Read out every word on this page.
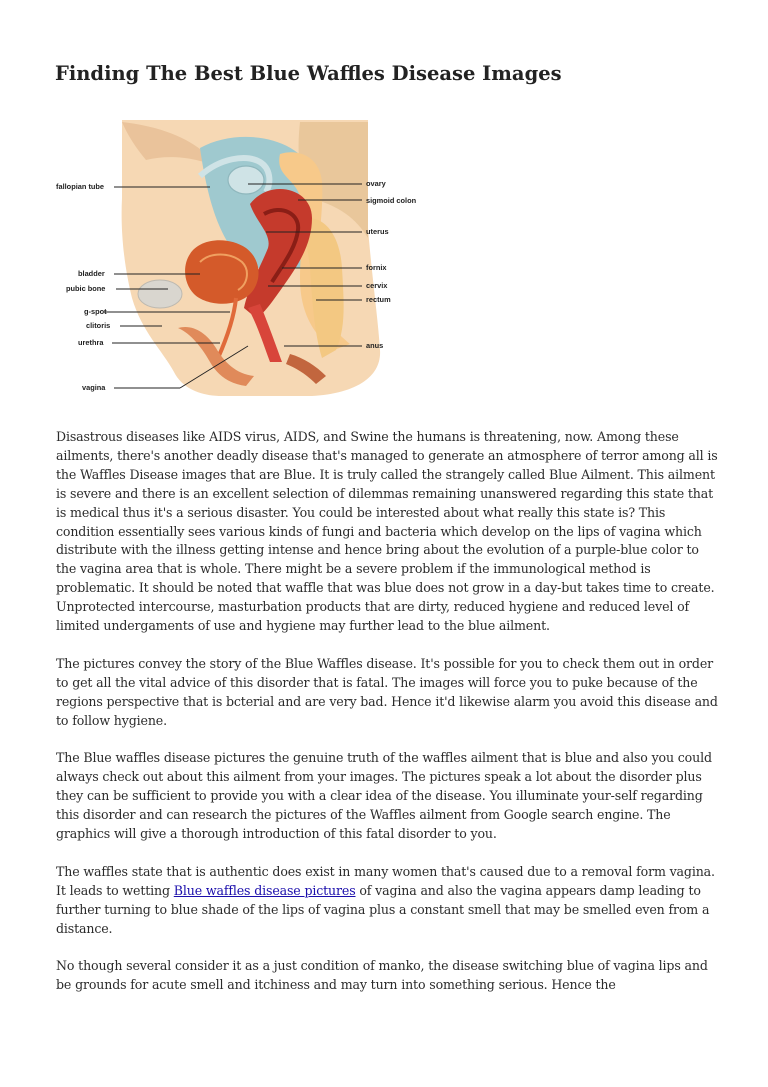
Finding The Best Blue Waffles Disease Images
fallopian tube	ovary
sigmoid colon
uterus
bladder
pubic bone
fornix
cervix
rectum
g-spot
clitoris
urethra	anus
vagina

Disastrous diseases like AIDS virus, AIDS, and Swine the humans is threatening, now. Among these ailments, there's another deadly disease that's managed to generate an atmosphere of terror among all is the Waffles Disease images that are Blue. It is truly called the strangely called Blue Ailment. This ailment is severe and there is an excellent selection of dilemmas remaining unanswered regarding this state that is medical thus it's a serious disaster. You could be interested about what really this state is? This condition essentially sees various kinds of fungi and bacteria which develop on the lips of vagina which distribute with the illness getting intense and hence bring about the evolution of a purple-blue color to the vagina area that is whole. There might be a severe problem if the immunological method is problematic. It should be noted that waffle that was blue does not grow in a day-but takes time to create. Unprotected intercourse, masturbation products that are dirty, reduced hygiene and reduced level of limited undergaments of use and hygiene may further lead to the blue ailment.

The pictures convey the story of the Blue Waffles disease. It's possible for you to check them out in order to get all the vital advice of this disorder that is fatal. The images will force you to puke because of the regions perspective that is bcterial and are very bad. Hence it'd likewise alarm you avoid this disease and to follow hygiene.

The Blue waffles disease pictures the genuine truth of the waffles ailment that is blue and also you could always check out about this ailment from your images. The pictures speak a lot about the disorder plus they can be sufficient to provide you with a clear idea of the disease. You illuminate your-self regarding this disorder and can research the pictures of the Waffles ailment from Google search engine. The graphics will give a thorough introduction of this fatal disorder to you.

The waffles state that is authentic does exist in many women that's caused due to a removal form vagina. It leads to wetting Blue waffles disease pictures of vagina and also the vagina appears damp leading to further turning to blue shade of the lips of vagina plus a constant smell that may be smelled even from a distance.

No though several consider it as a just condition of manko, the disease switching blue of vagina lips and be grounds for acute smell and itchiness and may turn into something serious. Hence the
